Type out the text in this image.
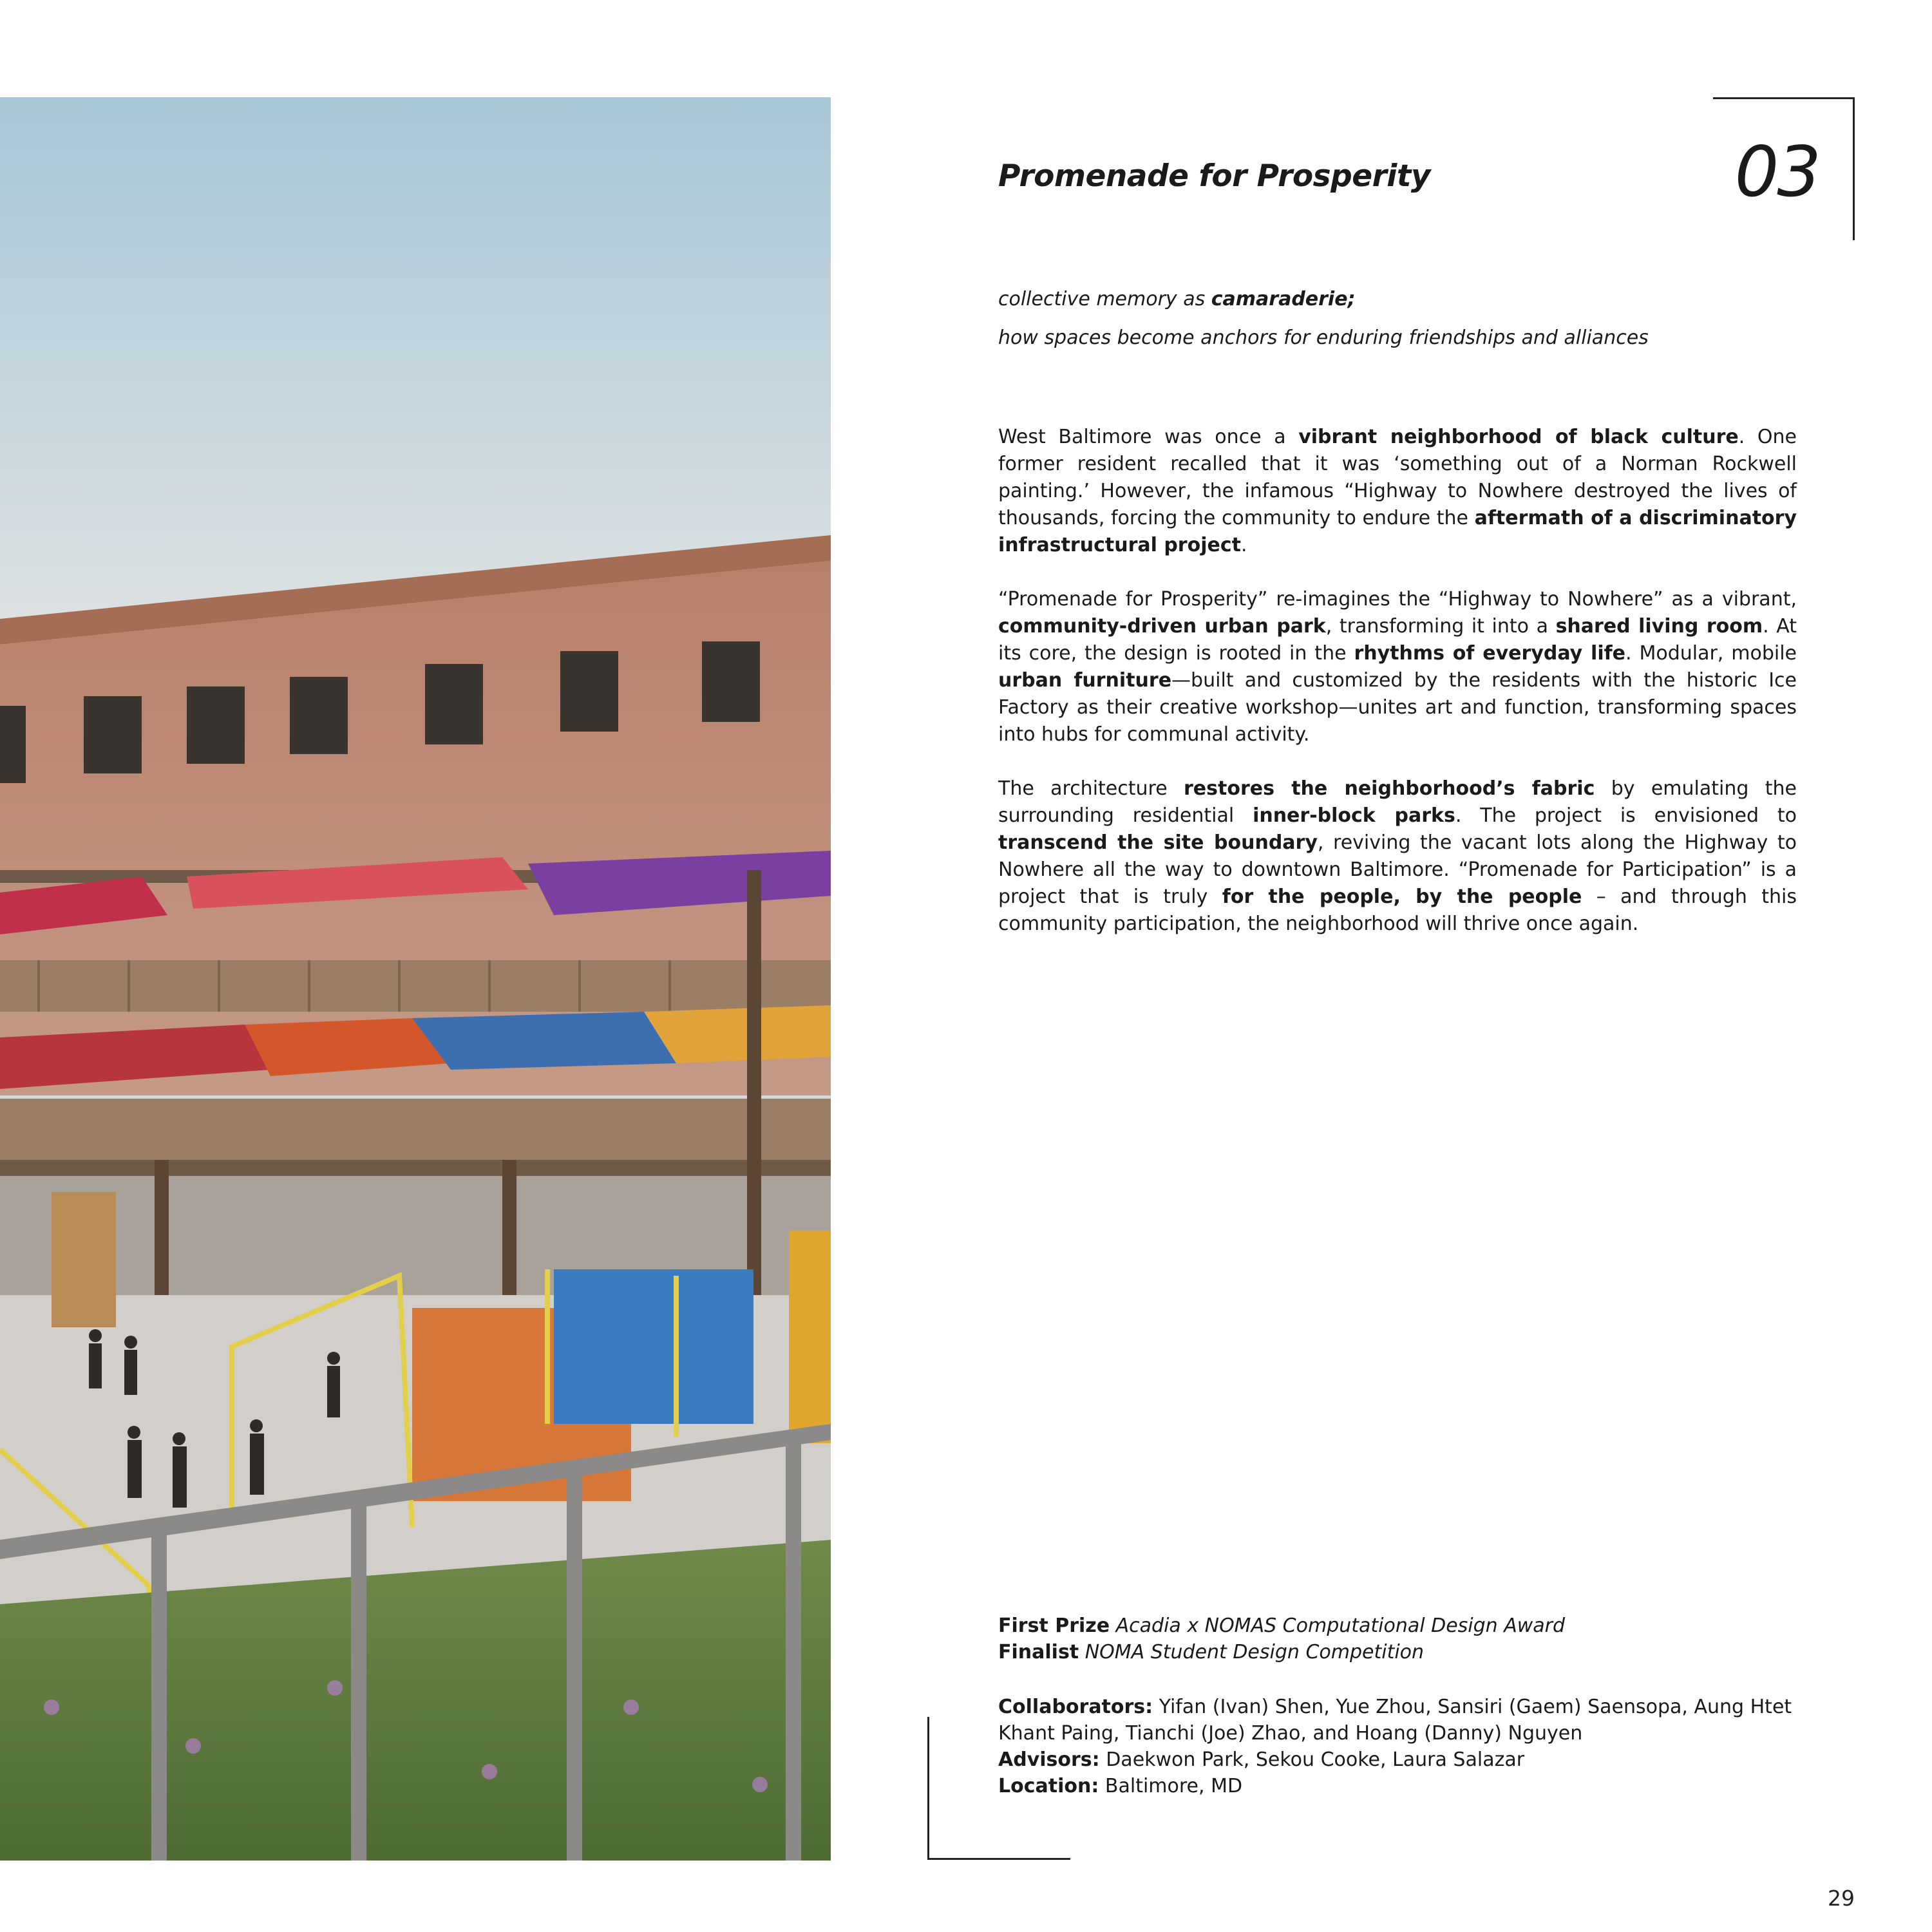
Promenade for Prosperity	03
collective memory as camaraderie;
how spaces become anchors for enduring friendships and alliances

West Baltimore was once a vibrant neighborhood of black culture. One former resident recalled that it was ‘something out of a Norman Rockwell painting.’ However, the infamous “Highway to Nowhere destroyed the lives of thousands, forcing the community to endure the aftermath of a discriminatory infrastructural project.

“Promenade for Prosperity” re-imagines the “Highway to Nowhere” as a vibrant, community-driven urban park, transforming it into a shared living room. At its core, the design is rooted in the rhythms of everyday life. Modular, mobile urban furniture—built and customized by the residents with the historic Ice Factory as their creative workshop—unites art and function, transforming spaces into hubs for communal activity.

The architecture restores the neighborhood’s fabric by emulating the surrounding residential inner-block parks. The project is envisioned to transcend the site boundary, reviving the vacant lots along the Highway to Nowhere all the way to downtown Baltimore. “Promenade for Participation” is a project that is truly for the people, by the people – and through this community participation, the neighborhood will thrive once again.

First Prize Acadia x NOMAS Computational Design Award
Finalist NOMA Student Design Competition
Collaborators: Yifan (Ivan) Shen, Yue Zhou, Sansiri (Gaem) Saensopa, Aung Htet Khant Paing, Tianchi (Joe) Zhao, and Hoang (Danny) Nguyen
Advisors: Daekwon Park, Sekou Cooke, Laura Salazar
Location: Baltimore, MD
29
